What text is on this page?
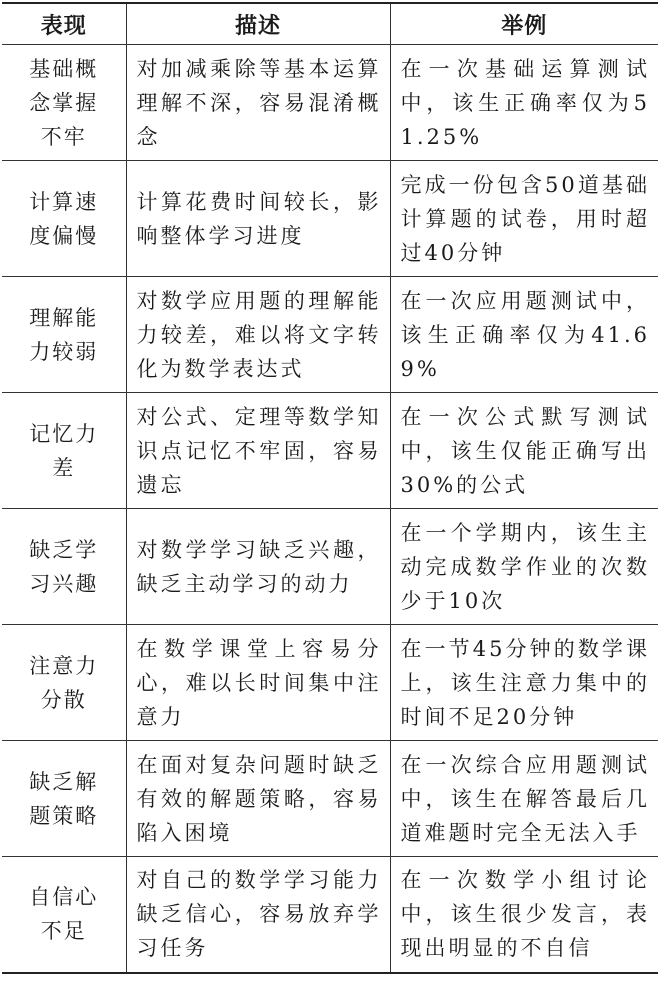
表现	描述	举例
基础概念掌握不牢	对加减乘除等基本运算理解不深，容易混淆概念	在一次基础运算测试中，该生正确率仅为51.25%
计算速度偏慢	计算花费时间较长，影响整体学习进度	完成一份包含50道基础计算题的试卷，用时超过40分钟
理解能力较弱	对数学应用题的理解能力较差，难以将文字转化为数学表达式	在一次应用题测试中，该生正确率仅为41.69%
记忆力差	对公式、定理等数学知识点记忆不牢固，容易遗忘	在一次公式默写测试中，该生仅能正确写出30%的公式
缺乏学习兴趣	对数学学习缺乏兴趣，缺乏主动学习的动力	在一个学期内，该生主动完成数学作业的次数少于10次
注意力分散	在数学课堂上容易分心，难以长时间集中注意力	在一节45分钟的数学课上，该生注意力集中的时间不足20分钟
缺乏解题策略	在面对复杂问题时缺乏有效的解题策略，容易陷入困境	在一次综合应用题测试中，该生在解答最后几道难题时完全无法入手
自信心不足	对自己的数学学习能力缺乏信心，容易放弃学习任务	在一次数学小组讨论中，该生很少发言，表现出明显的不自信
